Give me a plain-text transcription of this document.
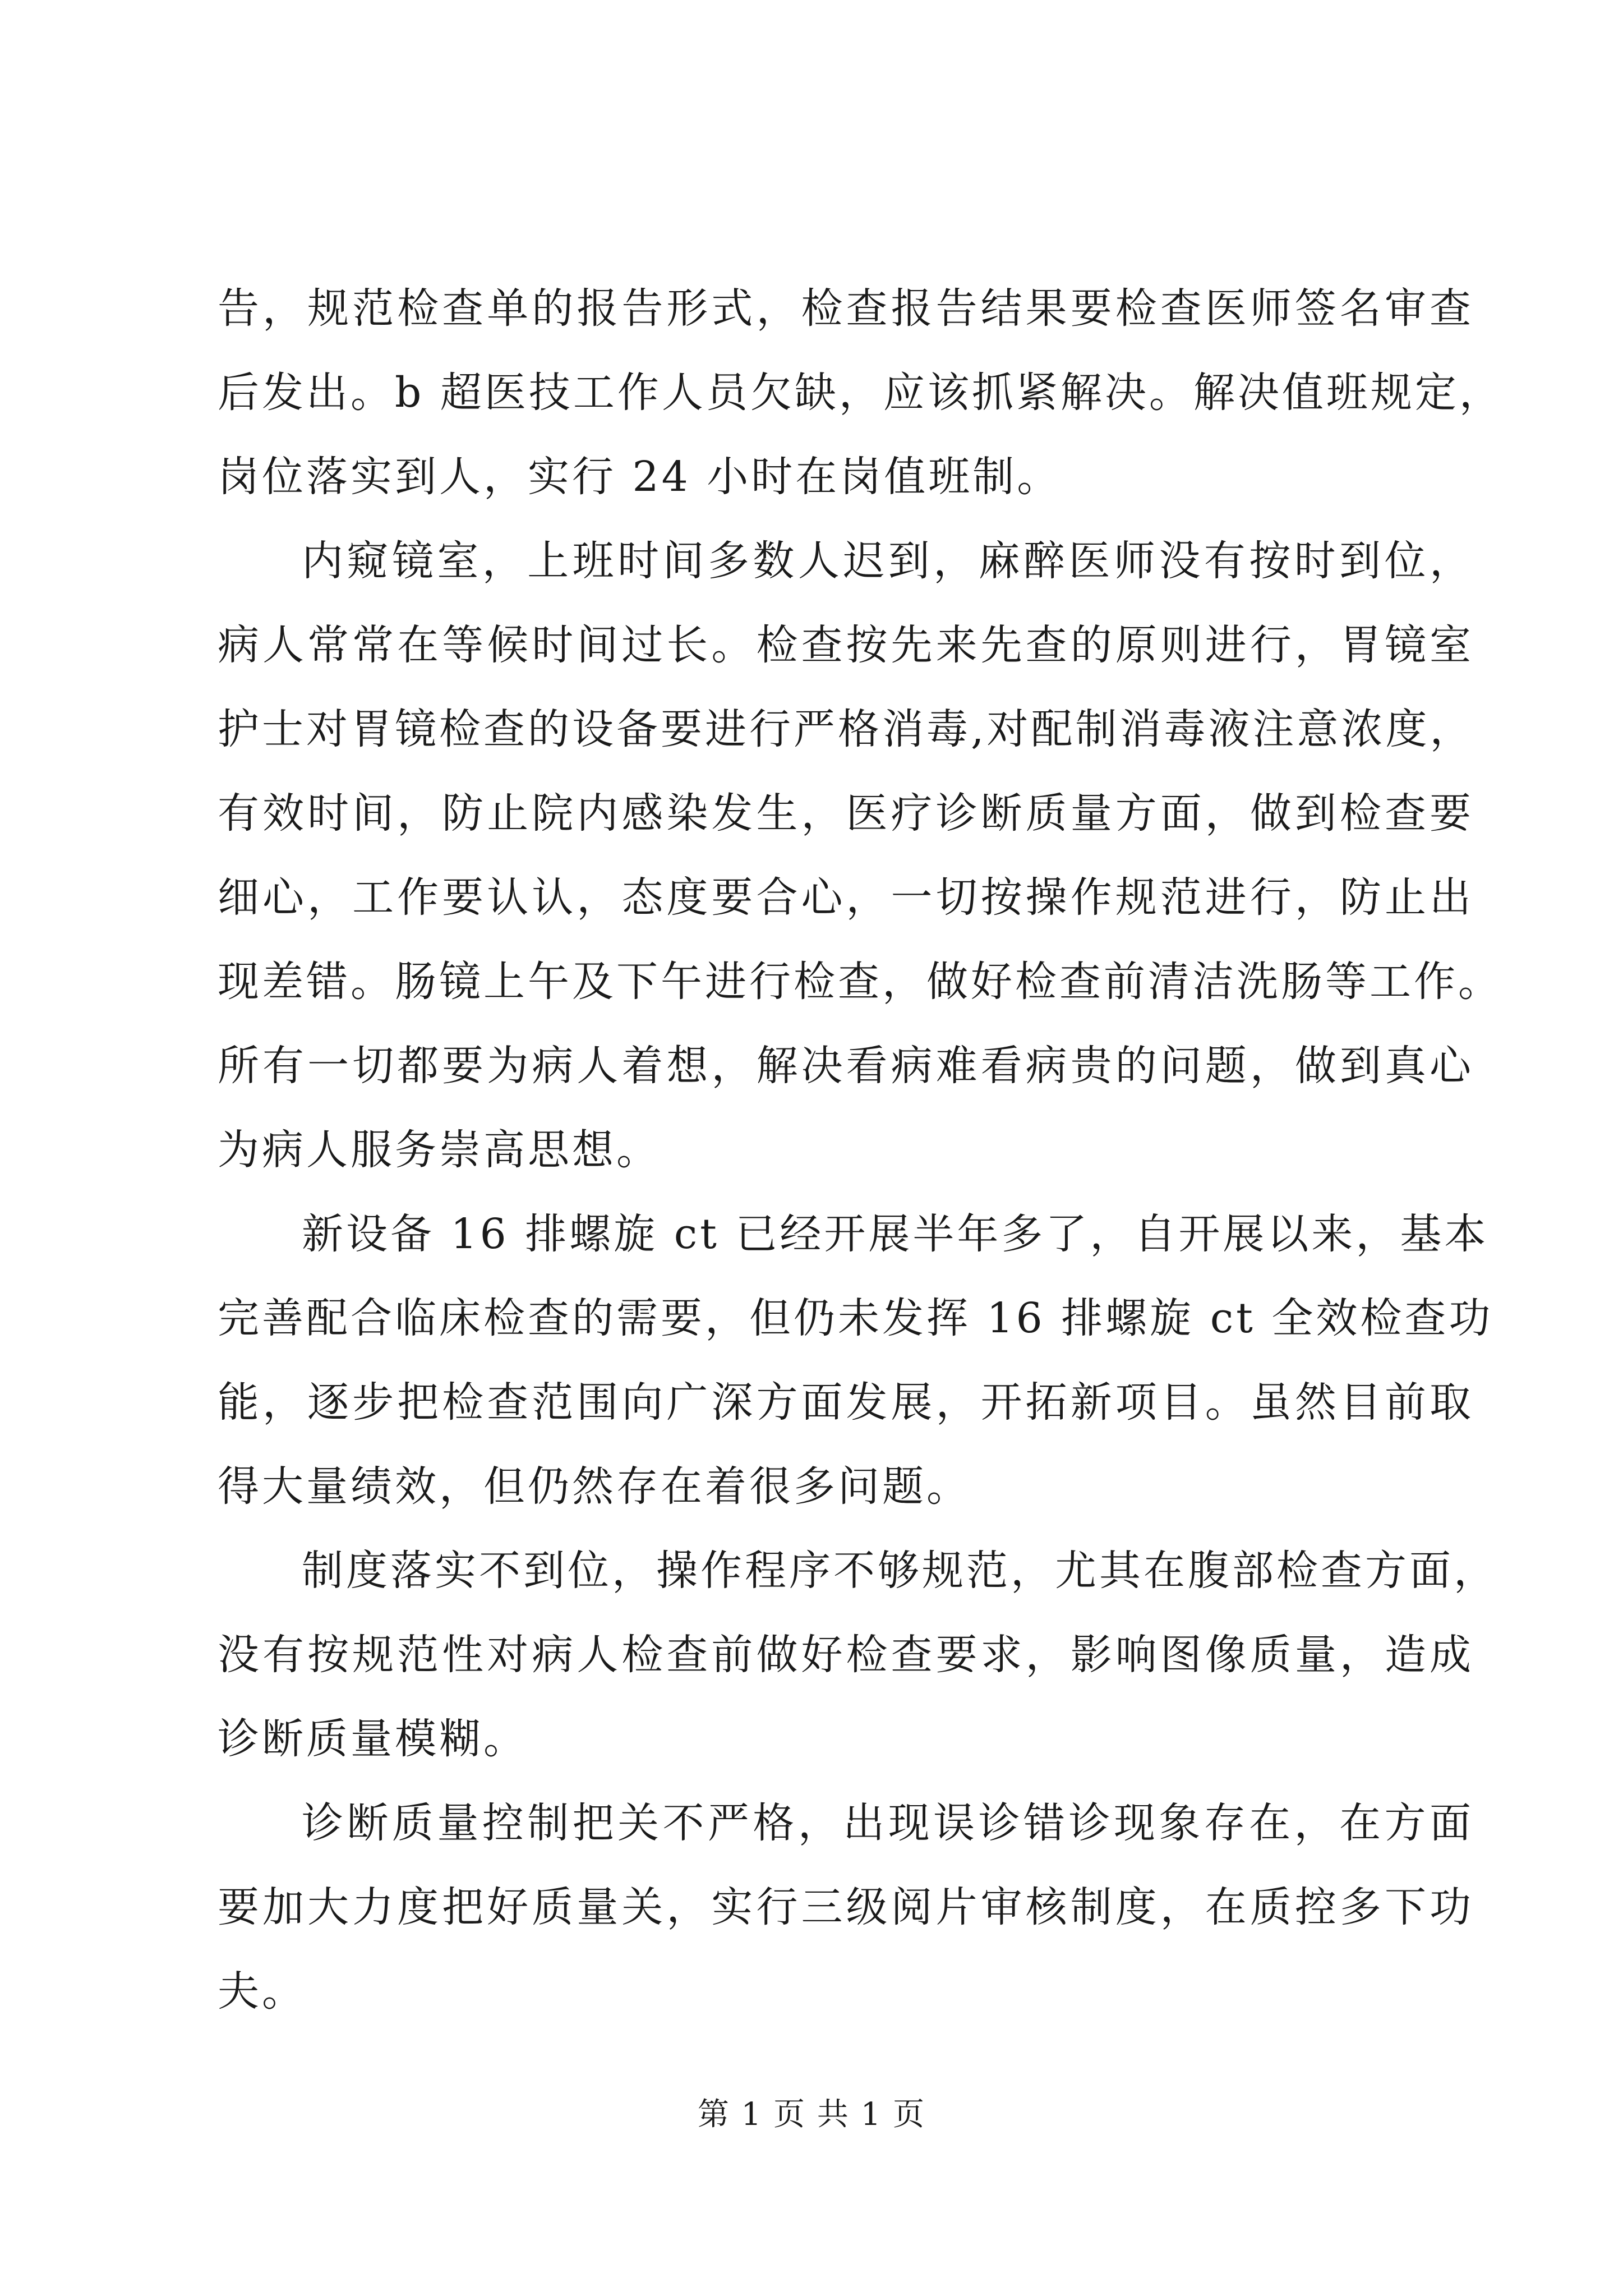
告，规范检查单的报告形式，检查报告结果要检查医师签名审查
后发出。b 超医技工作人员欠缺，应该抓紧解决。解决值班规定，
岗位落实到人，实行 24 小时在岗值班制。
内窥镜室，上班时间多数人迟到，麻醉医师没有按时到位，
病人常常在等候时间过长。检查按先来先查的原则进行，胃镜室
护士对胃镜检查的设备要进行严格消毒,对配制消毒液注意浓度，
有效时间，防止院内感染发生，医疗诊断质量方面，做到检查要
细心，工作要认认，态度要合心，一切按操作规范进行，防止出
现差错。肠镜上午及下午进行检查，做好检查前清洁洗肠等工作。
所有一切都要为病人着想，解决看病难看病贵的问题，做到真心
为病人服务崇高思想。
新设备 16 排螺旋 ct 已经开展半年多了，自开展以来，基本
完善配合临床检查的需要，但仍未发挥 16 排螺旋 ct 全效检查功
能，逐步把检查范围向广深方面发展，开拓新项目。虽然目前取
得大量绩效，但仍然存在着很多问题。
制度落实不到位，操作程序不够规范，尤其在腹部检查方面，
没有按规范性对病人检查前做好检查要求，影响图像质量，造成
诊断质量模糊。
诊断质量控制把关不严格，出现误诊错诊现象存在，在方面
要加大力度把好质量关，实行三级阅片审核制度，在质控多下功
夫。
第 1 页 共 1 页
